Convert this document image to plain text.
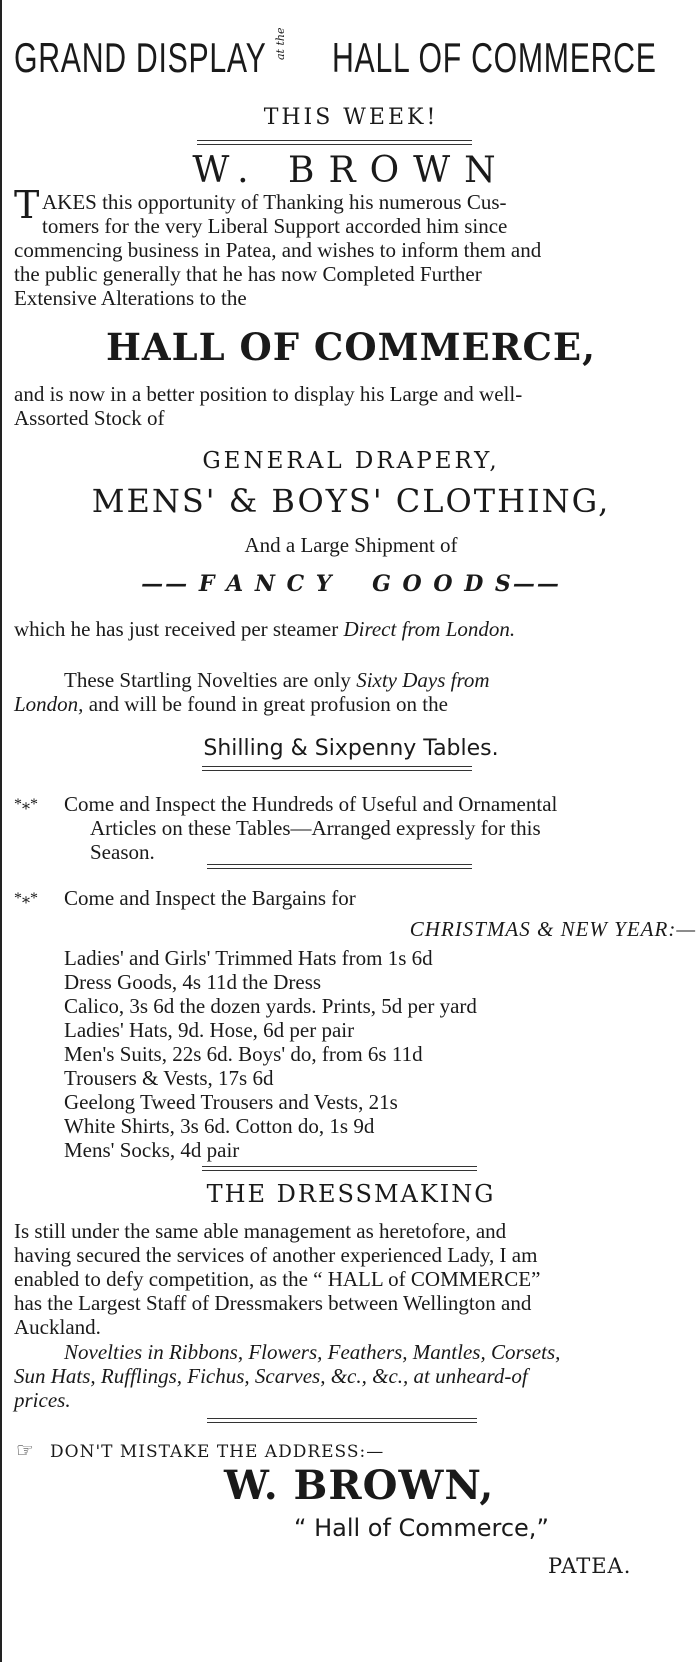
GRAND DISPLAY at the HALL OF COMMERCE
THIS WEEK!
W. BROWN
T AKES this opportunity of Thanking his numerous Cus-
tomers for the very Liberal Support accorded him since
commencing business in Patea, and wishes to inform them and
the public generally that he has now Completed Further
Extensive Alterations to the
HALL OF COMMERCE,
and is now in a better position to display his Large and well-
Assorted Stock of
GENERAL DRAPERY,
MENS' & BOYS' CLOTHING,
And a Large Shipment of
—— F A N C Y    G O O D S——
which he has just received per steamer Direct from London.
These Startling Novelties are only Sixty Days from
London, and will be found in great profusion on the
Shilling & Sixpenny Tables.
*⁎* Come and Inspect the Hundreds of Useful and Ornamental
Articles on these Tables—Arranged expressly for this
Season.
*⁎* Come and Inspect the Bargains for
CHRISTMAS & NEW YEAR:—
Ladies' and Girls' Trimmed Hats from 1s 6d
Dress Goods, 4s 11d the Dress
Calico, 3s 6d the dozen yards. Prints, 5d per yard
Ladies' Hats, 9d. Hose, 6d per pair
Men's Suits, 22s 6d. Boys' do, from 6s 11d
Trousers & Vests, 17s 6d
Geelong Tweed Trousers and Vests, 21s
White Shirts, 3s 6d. Cotton do, 1s 9d
Mens' Socks, 4d pair
THE DRESSMAKING
Is still under the same able management as heretofore, and
having secured the services of another experienced Lady, I am
enabled to defy competition, as the “ HALL of COMMERCE”
has the Largest Staff of Dressmakers between Wellington and
Auckland.
Novelties in Ribbons, Flowers, Feathers, Mantles, Corsets,
Sun Hats, Rufflings, Fichus, Scarves, &c., &c., at unheard-of
prices.
☞ DON'T MISTAKE THE ADDRESS:—
W. BROWN,
“ Hall of Commerce,”
PATEA.
